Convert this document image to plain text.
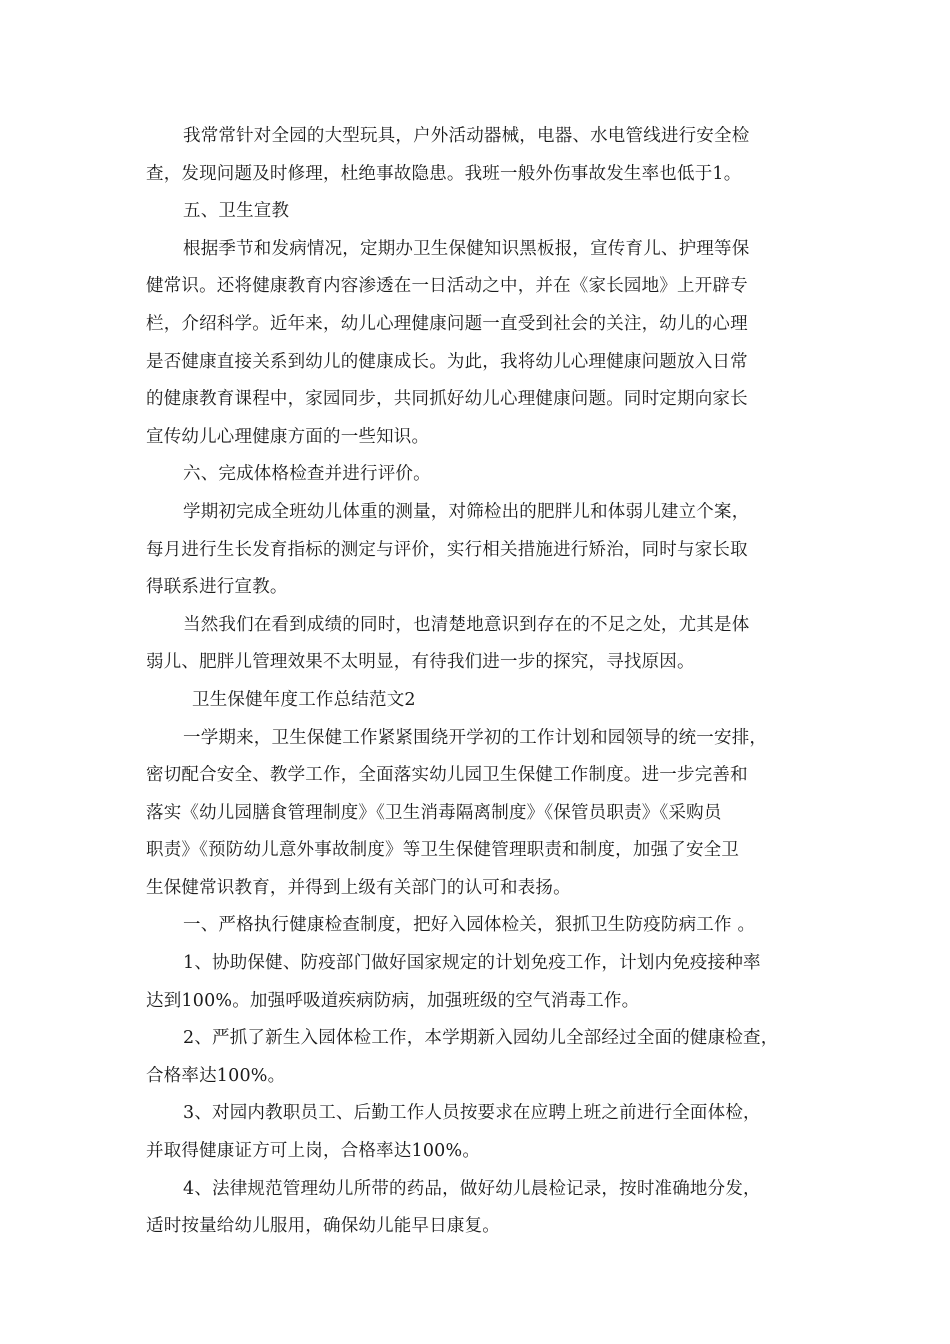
我常常针对全园的大型玩具，户外活动器械，电器、水电管线进行安全检
查，发现问题及时修理，杜绝事故隐患。我班一般外伤事故发生率也低于1。
五、卫生宣教
根据季节和发病情况，定期办卫生保健知识黑板报，宣传育儿、护理等保
健常识。还将健康教育内容渗透在一日活动之中，并在《家长园地》上开辟专
栏，介绍科学。近年来，幼儿心理健康问题一直受到社会的关注，幼儿的心理
是否健康直接关系到幼儿的健康成长。为此，我将幼儿心理健康问题放入日常
的健康教育课程中，家园同步，共同抓好幼儿心理健康问题。同时定期向家长
宣传幼儿心理健康方面的一些知识。
六、完成体格检查并进行评价。
学期初完成全班幼儿体重的测量，对筛检出的肥胖儿和体弱儿建立个案，
每月进行生长发育指标的测定与评价，实行相关措施进行矫治，同时与家长取
得联系进行宣教。
当然我们在看到成绩的同时，也清楚地意识到存在的不足之处，尤其是体
弱儿、肥胖儿管理效果不太明显，有待我们进一步的探究，寻找原因。
卫生保健年度工作总结范文2
一学期来，卫生保健工作紧紧围绕开学初的工作计划和园领导的统一安排，
密切配合安全、教学工作，全面落实幼儿园卫生保健工作制度。进一步完善和
落实《幼儿园膳食管理制度》《卫生消毒隔离制度》《保管员职责》《采购员
职责》《预防幼儿意外事故制度》等卫生保健管理职责和制度，加强了安全卫
生保健常识教育，并得到上级有关部门的认可和表扬。
一、严格执行健康检查制度，把好入园体检关，狠抓卫生防疫防病工作 。
1、协助保健、防疫部门做好国家规定的计划免疫工作，计划内免疫接种率
达到100%。加强呼吸道疾病防病，加强班级的空气消毒工作。
2、严抓了新生入园体检工作，本学期新入园幼儿全部经过全面的健康检查，
合格率达100%。
3、对园内教职员工、后勤工作人员按要求在应聘上班之前进行全面体检，
并取得健康证方可上岗，合格率达100%。
4、法律规范管理幼儿所带的药品，做好幼儿晨检记录，按时准确地分发，
适时按量给幼儿服用，确保幼儿能早日康复。
